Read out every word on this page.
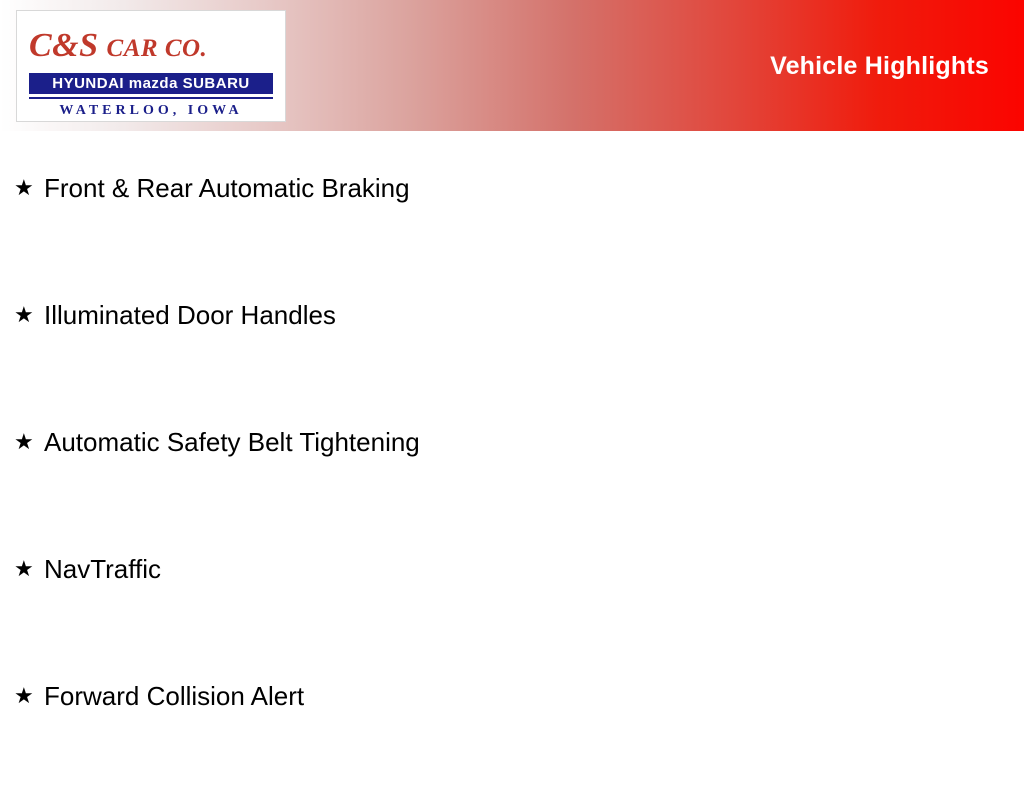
Vehicle Highlights
C&S CAR CO.
HYUNDAI mazda SUBARU
WATERLOO, IOWA
★ Front & Rear Automatic Braking
★ Illuminated Door Handles
★ Automatic Safety Belt Tightening
★ NavTraffic
★ Forward Collision Alert
